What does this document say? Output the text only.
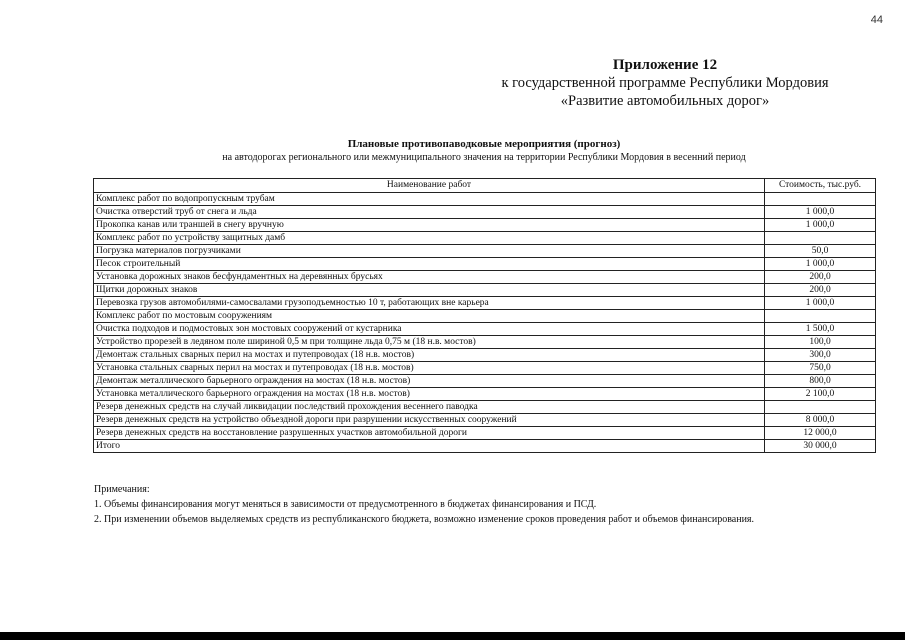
44
Приложение 12
к государственной программе Республики Мордовия
«Развитие автомобильных дорог»
Плановые противопаводковые мероприятия (прогноз)
на автодорогах регионального или межмуниципального значения на территории Республики Мордовия в весенний период
Наименование работ	Стоимость, тыс.руб.
Комплекс работ по водопропускным трубам	
Очистка отверстий труб от снега и льда	1 000,0
Прокопка канав или траншей в снегу вручную	1 000,0
Комплекс работ по устройству защитных дамб	
Погрузка материалов погрузчиками	50,0
Песок строительный	1 000,0
Установка дорожных знаков бесфундаментных на деревянных брусьях	200,0
Щитки дорожных знаков	200,0
Перевозка грузов автомобилями-самосвалами грузоподъемностью 10 т, работающих вне карьера	1 000,0
Комплекс работ по мостовым сооружениям	
Очистка подходов и подмостовых зон мостовых сооружений от кустарника	1 500,0
Устройство прорезей в ледяном поле шириной 0,5 м при толщине льда 0,75 м (18 н.в. мостов)	100,0
Демонтаж стальных сварных перил на мостах и путепроводах (18 н.в. мостов)	300,0
Установка стальных сварных перил на мостах и путепроводах (18 н.в. мостов)	750,0
Демонтаж металлического барьерного ограждения на мостах (18 н.в. мостов)	800,0
Установка металлического барьерного ограждения на мостах (18 н.в. мостов)	2 100,0
Резерв денежных средств на случай ликвидации последствий прохождения весеннего паводка	
Резерв денежных средств на устройство объездной дороги при разрушении искусственных сооружений	8 000,0
Резерв денежных средств на восстановление разрушенных участков автомобильной дороги	12 000,0
Итого	30 000,0
Примечания:
1. Объемы финансирования могут меняться в зависимости от предусмотренного в бюджетах финансирования и ПСД.
2. При изменении объемов выделяемых средств из республиканского бюджета, возможно изменение сроков проведения работ и объемов финансирования.
